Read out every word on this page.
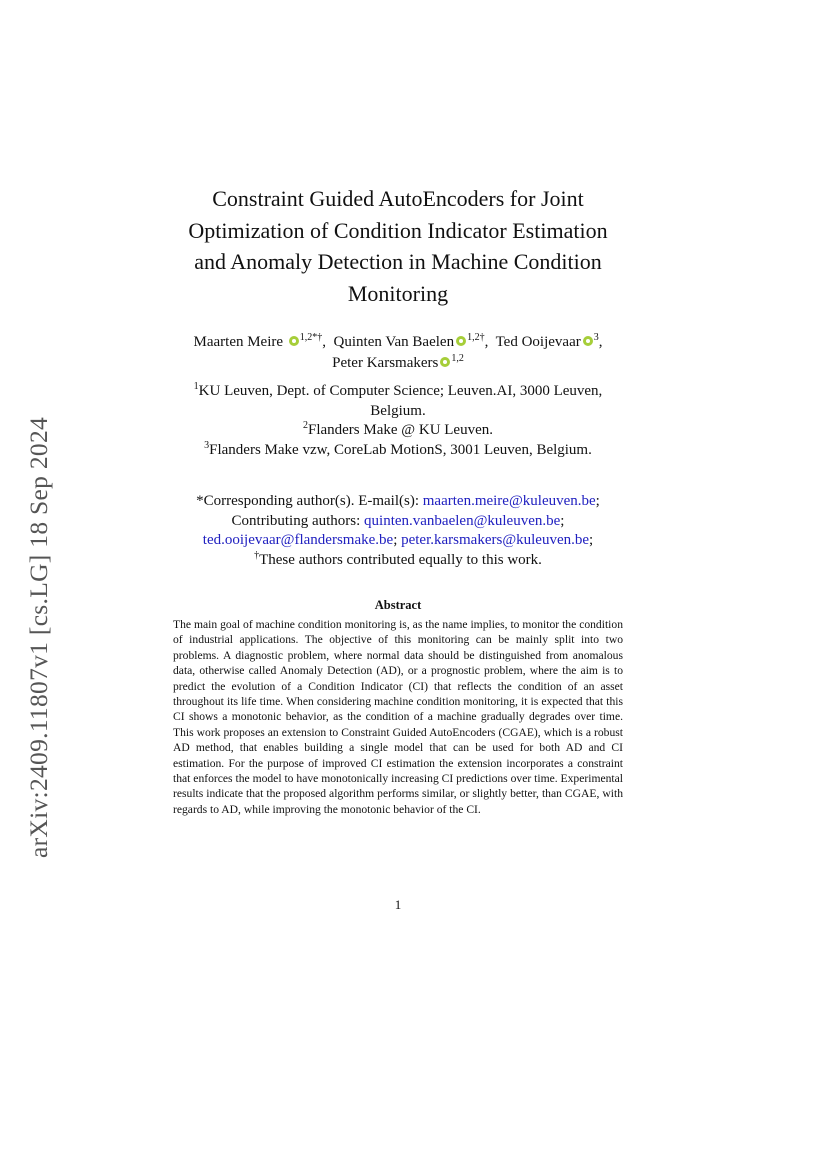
arXiv:2409.11807v1 [cs.LG] 18 Sep 2024
Constraint Guided AutoEncoders for Joint
Optimization of Condition Indicator Estimation
and Anomaly Detection in Machine Condition
Monitoring
Maarten Meire $^{1,2*\dagger}$,  Quinten Van Baelen $^{1,2\dagger}$,  Ted Ooijevaar $^3$,
Peter Karsmakers $^{1,2}$
$^1$KU Leuven, Dept. of Computer Science; Leuven.AI, 3000 Leuven,
Belgium.
$^2$Flanders Make @ KU Leuven.
$^3$Flanders Make vzw, CoreLab MotionS, 3001 Leuven, Belgium.
*Corresponding author(s). E-mail(s): maarten.meire@kuleuven.be;
Contributing authors: quinten.vanbaelen@kuleuven.be;
ted.ooijevaar@flandersmake.be; peter.karsmakers@kuleuven.be;
†These authors contributed equally to this work.
Abstract
The main goal of machine condition monitoring is, as the name implies, to monitor the condition of industrial applications. The objective of this monitoring can be mainly split into two problems. A diagnostic problem, where normal data should be distinguished from anomalous data, otherwise called Anomaly Detection (AD), or a prognostic problem, where the aim is to predict the evolution of a Condition Indicator (CI) that reflects the condition of an asset throughout its life time. When considering machine condition monitoring, it is expected that this CI shows a monotonic behavior, as the condition of a machine gradually degrades over time. This work proposes an extension to Constraint Guided AutoEncoders (CGAE), which is a robust AD method, that enables building a single model that can be used for both AD and CI estimation. For the purpose of improved CI estimation the extension incorporates a constraint that enforces the model to have monotonically increasing CI predictions over time. Experimental results indicate that the proposed algorithm performs similar, or slightly better, than CGAE, with regards to AD, while improving the monotonic behavior of the CI.
1
